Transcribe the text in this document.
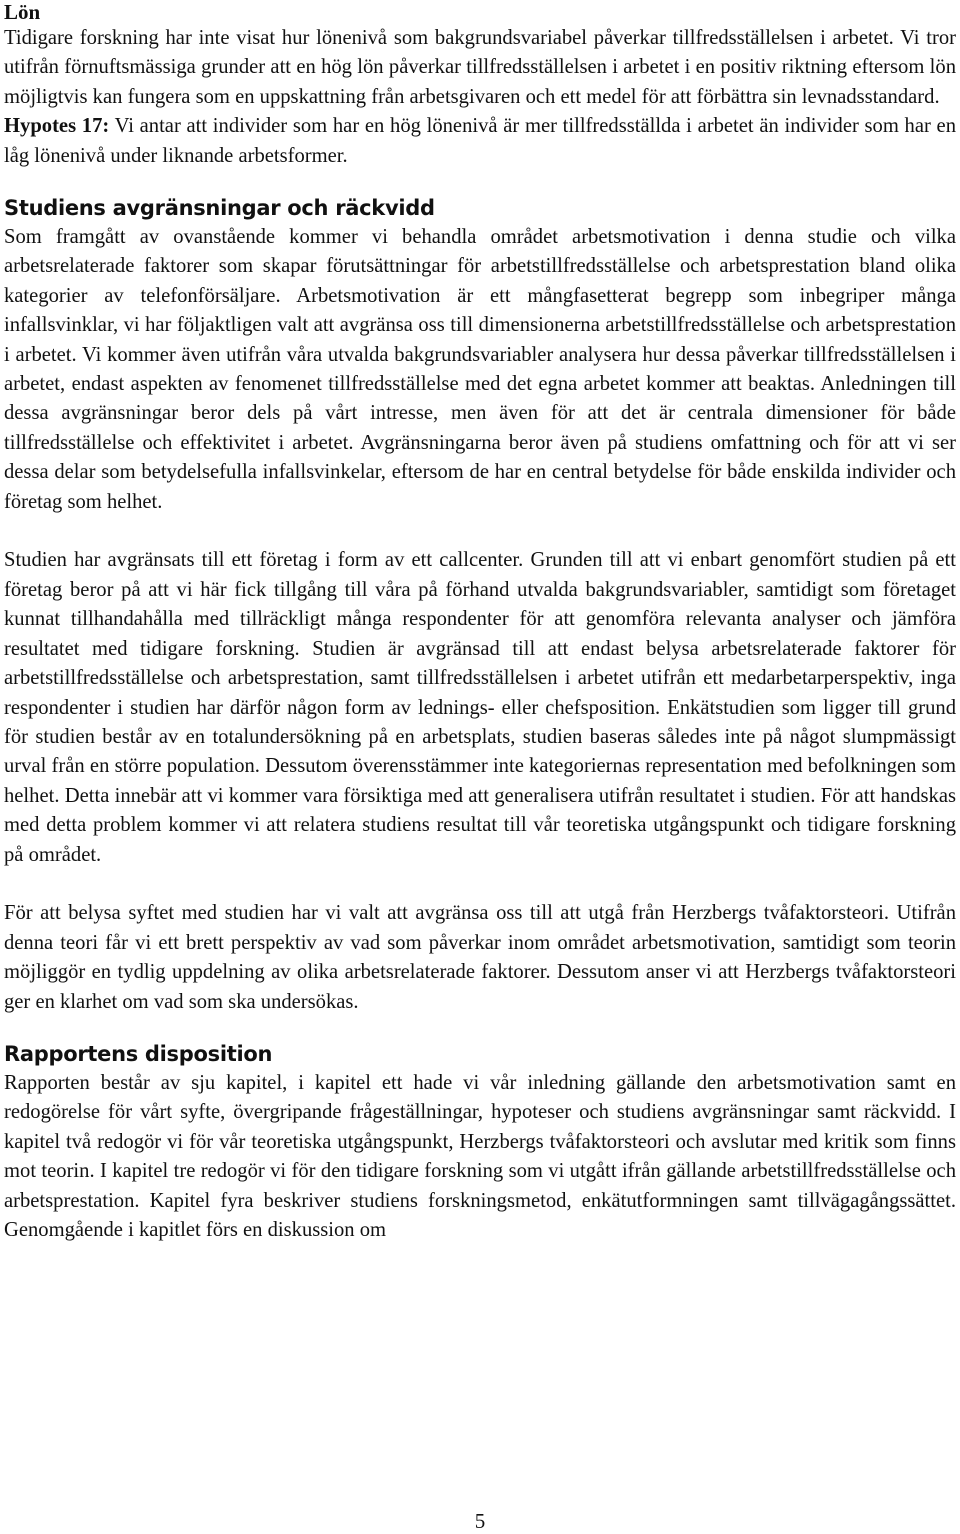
Lön

Tidigare forskning har inte visat hur lönenivå som bakgrundsvariabel påverkar tillfredsställelsen i arbetet. Vi tror utifrån förnuftsmässiga grunder att en hög lön påverkar tillfredsställelsen i arbetet i en positiv riktning eftersom lön möjligtvis kan fungera som en uppskattning från arbetsgivaren och ett medel för att förbättra sin levnadsstandard.

Hypotes 17: Vi antar att individer som har en hög lönenivå är mer tillfredsställda i arbetet än individer som har en låg lönenivå under liknande arbetsformer.

Studiens avgränsningar och räckvidd

Som framgått av ovanstående kommer vi behandla området arbetsmotivation i denna studie och vilka arbetsrelaterade faktorer som skapar förutsättningar för arbetstillfredsställelse och arbetsprestation bland olika kategorier av telefonförsäljare. Arbetsmotivation är ett mångfasetterat begrepp som inbegriper många infallsvinklar, vi har följaktligen valt att avgränsa oss till dimensionerna arbetstillfredsställelse och arbetsprestation i arbetet. Vi kommer även utifrån våra utvalda bakgrundsvariabler analysera hur dessa påverkar tillfredsställelsen i arbetet, endast aspekten av fenomenet tillfredsställelse med det egna arbetet kommer att beaktas. Anledningen till dessa avgränsningar beror dels på vårt intresse, men även för att det är centrala dimensioner för både tillfredsställelse och effektivitet i arbetet. Avgränsningarna beror även på studiens omfattning och för att vi ser dessa delar som betydelsefulla infallsvinkelar, eftersom de har en central betydelse för både enskilda individer och företag som helhet.

Studien har avgränsats till ett företag i form av ett callcenter. Grunden till att vi enbart genomfört studien på ett företag beror på att vi här fick tillgång till våra på förhand utvalda bakgrundsvariabler, samtidigt som företaget kunnat tillhandahålla med tillräckligt många respondenter för att genomföra relevanta analyser och jämföra resultatet med tidigare forskning. Studien är avgränsad till att endast belysa arbetsrelaterade faktorer för arbetstillfredsställelse och arbetsprestation, samt tillfredsställelsen i arbetet utifrån ett medarbetarperspektiv, inga respondenter i studien har därför någon form av lednings- eller chefsposition. Enkätstudien som ligger till grund för studien består av en totalundersökning på en arbetsplats, studien baseras således inte på något slumpmässigt urval från en större population. Dessutom överensstämmer inte kategoriernas representation med befolkningen som helhet. Detta innebär att vi kommer vara försiktiga med att generalisera utifrån resultatet i studien. För att handskas med detta problem kommer vi att relatera studiens resultat till vår teoretiska utgångspunkt och tidigare forskning på området.

För att belysa syftet med studien har vi valt att avgränsa oss till att utgå från Herzbergs tvåfaktorsteori. Utifrån denna teori får vi ett brett perspektiv av vad som påverkar inom området arbetsmotivation, samtidigt som teorin möjliggör en tydlig uppdelning av olika arbetsrelaterade faktorer. Dessutom anser vi att Herzbergs tvåfaktorsteori ger en klarhet om vad som ska undersökas.

Rapportens disposition

Rapporten består av sju kapitel, i kapitel ett hade vi vår inledning gällande den arbetsmotivation samt en redogörelse för vårt syfte, övergripande frågeställningar, hypoteser och studiens avgränsningar samt räckvidd. I kapitel två redogör vi för vår teoretiska utgångspunkt, Herzbergs tvåfaktorsteori och avslutar med kritik som finns mot teorin. I kapitel tre redogör vi för den tidigare forskning som vi utgått ifrån gällande arbetstillfredsställelse och arbetsprestation. Kapitel fyra beskriver studiens forskningsmetod, enkätutformningen samt tillvägagångssättet. Genomgående i kapitlet förs en diskussion om

5
